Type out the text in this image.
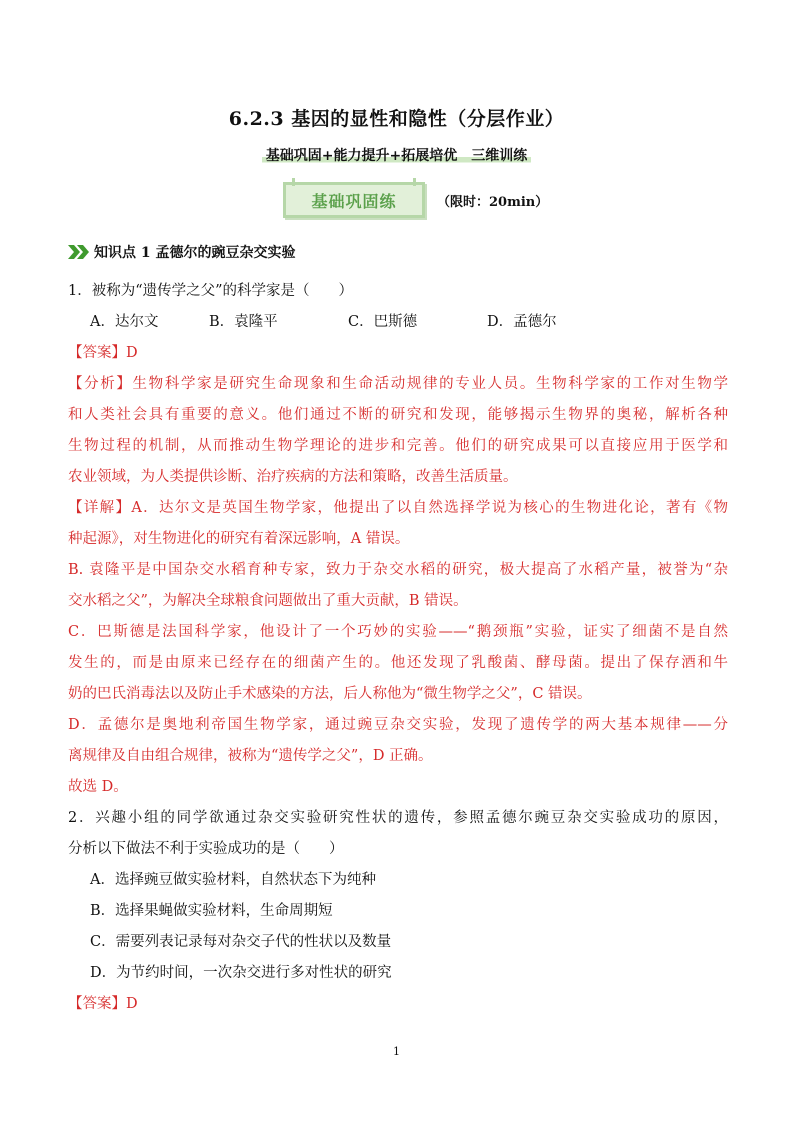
6.2.3 基因的显性和隐性（分层作业）
基础巩固+能力提升+拓展培优　三维训练
基础巩固练	（限时：20min）
知识点 1 孟德尔的豌豆杂交实验
1．被称为“遗传学之父”的科学家是（　　）
A．达尔文	B．袁隆平	C．巴斯德	D．孟德尔
【答案】D
【分析】生物科学家是研究生命现象和生命活动规律的专业人员。生物科学家的工作对生物学
和人类社会具有重要的意义。他们通过不断的研究和发现，能够揭示生物界的奥秘，解析各种
生物过程的机制，从而推动生物学理论的进步和完善。他们的研究成果可以直接应用于医学和
农业领域，为人类提供诊断、治疗疾病的方法和策略，改善生活质量。
【详解】A．达尔文是英国生物学家，他提出了以自然选择学说为核心的生物进化论，著有《物
种起源》，对生物进化的研究有着深远影响，A 错误。
B. 袁隆平是中国杂交水稻育种专家，致力于杂交水稻的研究，极大提高了水稻产量，被誉为“杂
交水稻之父”，为解决全球粮食问题做出了重大贡献，B 错误。
C．巴斯德是法国科学家，他设计了一个巧妙的实验——“鹅颈瓶”实验，证实了细菌不是自然
发生的，而是由原来已经存在的细菌产生的。他还发现了乳酸菌、酵母菌。提出了保存酒和牛
奶的巴氏消毒法以及防止手术感染的方法，后人称他为“微生物学之父”，C 错误。
D．孟德尔是奥地利帝国生物学家，通过豌豆杂交实验，发现了遗传学的两大基本规律——分
离规律及自由组合规律，被称为“遗传学之父”，D 正确。
故选 D。
2．兴趣小组的同学欲通过杂交实验研究性状的遗传，参照孟德尔豌豆杂交实验成功的原因，
分析以下做法不利于实验成功的是（　　）
A．选择豌豆做实验材料，自然状态下为纯种
B．选择果蝇做实验材料，生命周期短
C．需要列表记录每对杂交子代的性状以及数量
D．为节约时间，一次杂交进行多对性状的研究
【答案】D
1
